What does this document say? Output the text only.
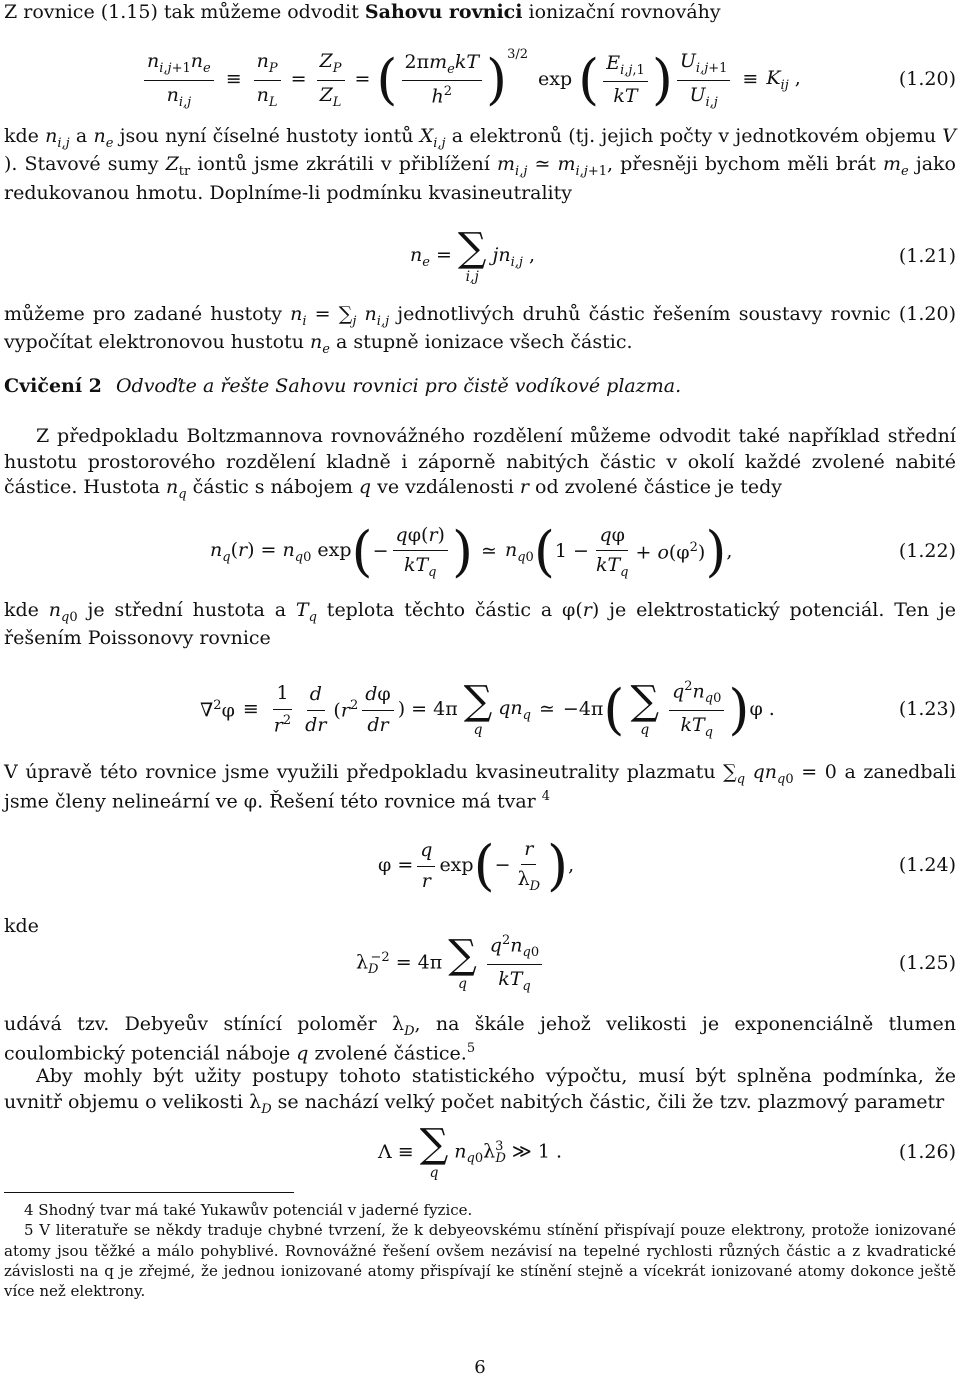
Z rovnice (1.15) tak můžeme odvodit Sahovu rovnici ionizační rovnováhy

$\frac{n_{i,j+1}n_e}{n_{i,j}} \equiv \frac{n_P}{n_L} = \frac{Z_P}{Z_L}$ = ( $\frac{2\pi m_ekT}{h^2} )^{3/2}$
exp ( $\frac{E_{i,j,1}}{kT}$ ) $\frac{U_{i,j+1}}{U_{i,j}} \equiv K_{ij}$ ,	(1.20)

kde $n_{i,j}$ a $n_e$ jsou nyní číselné hustoty iontů $X_{i,j}$ a elektronů (tj. jejich počty v jednotkovém objemu V ). Stavové sumy $Z_{tr}$ iontů jsme zkrátili v přiblížení $m_{i,j}$ ≃ $m_{i,j+1}$, přesněji bychom měli brát $m_e$ jako redukovanou hmotu. Doplníme-li podmínku kvasineutrality

$n_e$ = ∑
i,j
$jn_{i,j}$ ,	(1.21)

můžeme pro zadané hustoty $n_i = \sum_j$ $n_{i,j}$ jednotlivých druhů částic řešením soustavy rovnic (1.20) vypočítat elektronovou hustotu $n_e$ a stupně ionizace všech částic.

Cvičení 2 Odvoďte a řešte Sahovu rovnici pro čistě vodíkové plazma.

Z předpokladu Boltzmannova rovnovážného rozdělení můžeme odvodit také například střední hustotu prostorového rozdělení kladně i záporně nabitých částic v okolí každé zvolené nabité částice. Hustota $n_q$ částic s nábojem q ve vzdálenosti r od zvolené částice je tedy

$n_q(r) = n_{q0}$ exp ( − $\frac{q\varphi(r)}{kT_q}$ ) ≃ $n_{q0}$ ( $1 - \frac{q\varphi}{kT_q} + o(\varphi^2)$ ) ,	(1.22)

kde $n_{q0}$ je střední hustota a $T_q$ teplota těchto částic a φ(r) je elektrostatický potenciál. Ten je řešením Poissonovy rovnice

$\nabla^2\varphi \equiv \frac{1}{r^2} \frac{d}{dr} (r^2 \frac{d\varphi}{dr}$ ) = 4π ∑
q
$qn_q$ ≃ −4π ( ∑
q $\frac{q^2n_{q0}}{kT_q}$ ) φ .	(1.23)

V úpravě této rovnice jsme využili předpokladu kvasineutrality plazmatu $\sum_q$ $qn_{q0} = 0$ a zanedbali jsme členy nelineární ve φ. Řešení této rovnice má tvar $^4$

$\varphi = \frac{q}{r}$ exp ( − $\frac{r}{\lambda_D}$ ) ,	(1.24)

kde

$\lambda_D^{-2} = 4\pi$ ∑
q $\frac{q^2n_{q0}}{kT_q}$	(1.25)

udává tzv. Debyeův stínící poloměr $\lambda_D$, na škále jehož velikosti je exponenciálně tlumen coulombický potenciál náboje q zvolené částice.$^5$

Aby mohly být užity postupy tohoto statistického výpočtu, musí být splněna podmínka, že uvnitř objemu o velikosti $\lambda_D$ se nachází velký počet nabitých částic, čili že tzv. plazmový parametr

Λ ≡ ∑
q
$n_{q0}\lambda^3_D$ ≫ 1 .	(1.26)
4 Shodný tvar má také Yukawův potenciál v jaderné fyzice.
5 V literatuře se někdy traduje chybné tvrzení, že k debyeovskému stínění přispívají pouze elektrony, protože ionizované atomy jsou těžké a málo pohyblivé. Rovnovážné řešení ovšem nezávisí na tepelné rychlosti různých částic a z kvadratické závislosti na q je zřejmé, že jednou ionizované atomy přispívají ke stínění stejně a vícekrát ionizované atomy dokonce ještě více než elektrony.
6
